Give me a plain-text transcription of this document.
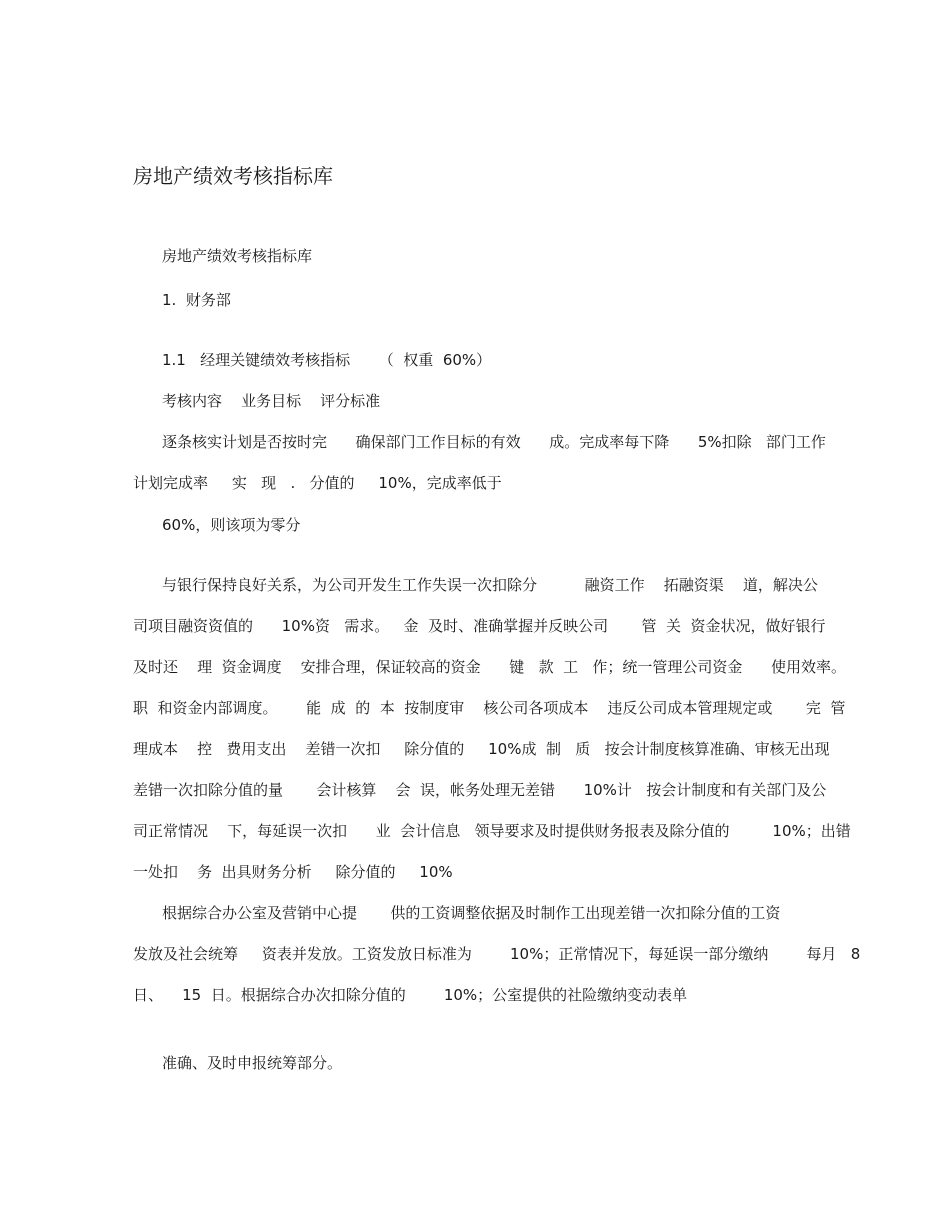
房地产绩效考核指标库
房地产绩效考核指标库
1.  财务部
1.1   经理关键绩效考核指标      （  权重  60%）
考核内容    业务目标    评分标准
逐条核实计划是否按时完      确保部门工作目标的有效      成。完成率每下降      5%扣除   部门工作
计划完成率     实   现   .   分值的     10%，完成率低于
60%，则该项为零分
与银行保持良好关系，为公司开发生工作失误一次扣除分          融资工作    拓融资渠    道，解决公
司项目融资资值的      10%资   需求。   金  及时、准确掌握并反映公司       管  关  资金状况，做好银行
及时还    理  资金调度    安排合理，保证较高的资金      键   款  工   作；统一管理公司资金      使用效率。
职  和资金内部调度。      能  成  的  本  按制度审    核公司各项成本    违反公司成本管理规定或       完  管
理成本    控   费用支出    差错一次扣     除分值的     10%成  制   质   按会计制度核算准确、审核无出现
差错一次扣除分值的量       会计核算    会  误，帐务处理无差错      10%计   按会计制度和有关部门及公
司正常情况    下，每延误一次扣      业  会计信息   领导要求及时提供财务报表及除分值的         10%；出错
一处扣    务  出具财务分析     除分值的     10%
根据综合办公室及营销中心提       供的工资调整依据及时制作工出现差错一次扣除分值的工资
发放及社会统筹     资表并发放。工资发放日标准为        10%；正常情况下，每延误一部分缴纳        每月   8
日、    15  日。根据综合办次扣除分值的        10%；公室提供的社险缴纳变动表单
准确、及时申报统筹部分。
